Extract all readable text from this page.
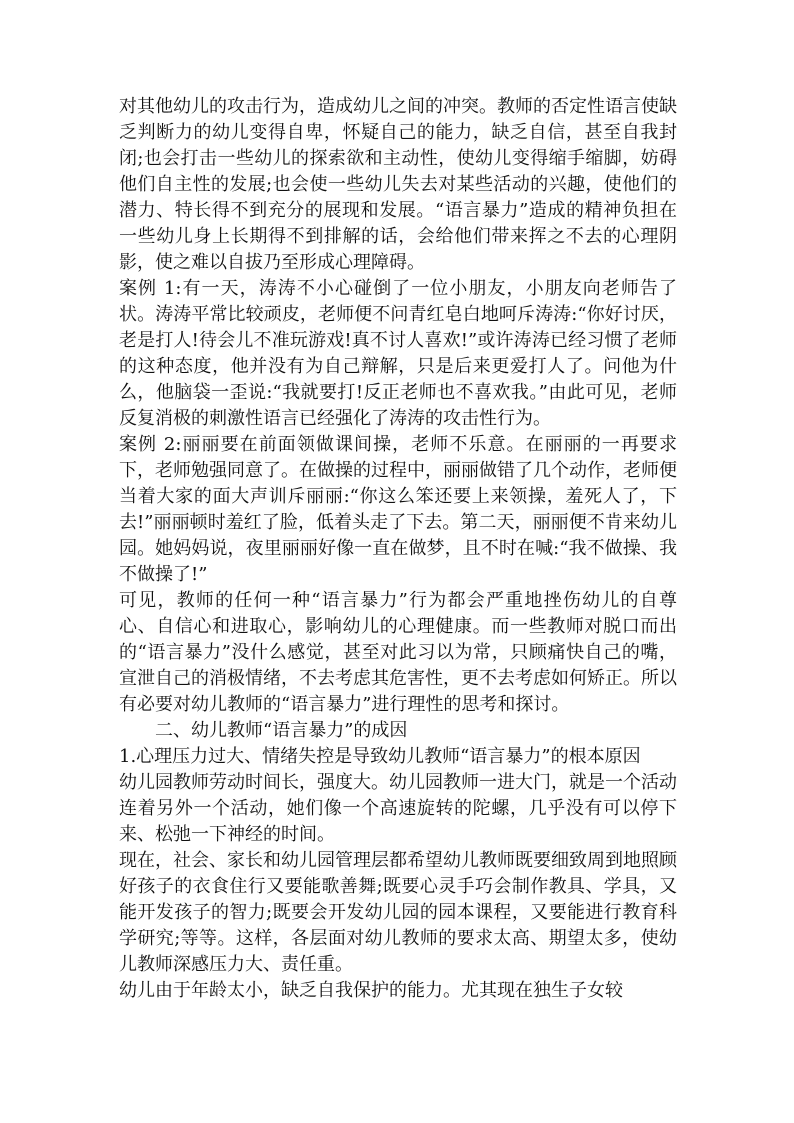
对其他幼儿的攻击行为，造成幼儿之间的冲突。教师的否定性语言使缺乏判断力的幼儿变得自卑，怀疑自己的能力，缺乏自信，甚至自我封闭;也会打击一些幼儿的探索欲和主动性，使幼儿变得缩手缩脚，妨碍他们自主性的发展;也会使一些幼儿失去对某些活动的兴趣，使他们的潜力、特长得不到充分的展现和发展。“语言暴力”造成的精神负担在一些幼儿身上长期得不到排解的话，会给他们带来挥之不去的心理阴影，使之难以自拔乃至形成心理障碍。

案例 1:有一天，涛涛不小心碰倒了一位小朋友，小朋友向老师告了状。涛涛平常比较顽皮，老师便不问青红皂白地呵斥涛涛:“你好讨厌，老是打人!待会儿不准玩游戏!真不讨人喜欢!”或许涛涛已经习惯了老师的这种态度，他并没有为自己辩解，只是后来更爱打人了。问他为什么，他脑袋一歪说:“我就要打!反正老师也不喜欢我。”由此可见，老师反复消极的刺激性语言已经强化了涛涛的攻击性行为。

案例 2:丽丽要在前面领做课间操，老师不乐意。在丽丽的一再要求下，老师勉强同意了。在做操的过程中，丽丽做错了几个动作，老师便当着大家的面大声训斥丽丽:“你这么笨还要上来领操，羞死人了，下去!”丽丽顿时羞红了脸，低着头走了下去。第二天，丽丽便不肯来幼儿园。她妈妈说，夜里丽丽好像一直在做梦，且不时在喊:“我不做操、我不做操了!”

可见，教师的任何一种“语言暴力”行为都会严重地挫伤幼儿的自尊心、自信心和进取心，影响幼儿的心理健康。而一些教师对脱口而出的“语言暴力”没什么感觉，甚至对此习以为常，只顾痛快自己的嘴，宣泄自己的消极情绪，不去考虑其危害性，更不去考虑如何矫正。所以有必要对幼儿教师的“语言暴力”进行理性的思考和探讨。

二、幼儿教师“语言暴力”的成因

1.心理压力过大、情绪失控是导致幼儿教师“语言暴力”的根本原因

幼儿园教师劳动时间长，强度大。幼儿园教师一进大门，就是一个活动连着另外一个活动，她们像一个高速旋转的陀螺，几乎没有可以停下来、松弛一下神经的时间。

现在，社会、家长和幼儿园管理层都希望幼儿教师既要细致周到地照顾好孩子的衣食住行又要能歌善舞;既要心灵手巧会制作教具、学具，又能开发孩子的智力;既要会开发幼儿园的园本课程，又要能进行教育科学研究;等等。这样，各层面对幼儿教师的要求太高、期望太多，使幼儿教师深感压力大、责任重。

幼儿由于年龄太小，缺乏自我保护的能力。尤其现在独生子女较
